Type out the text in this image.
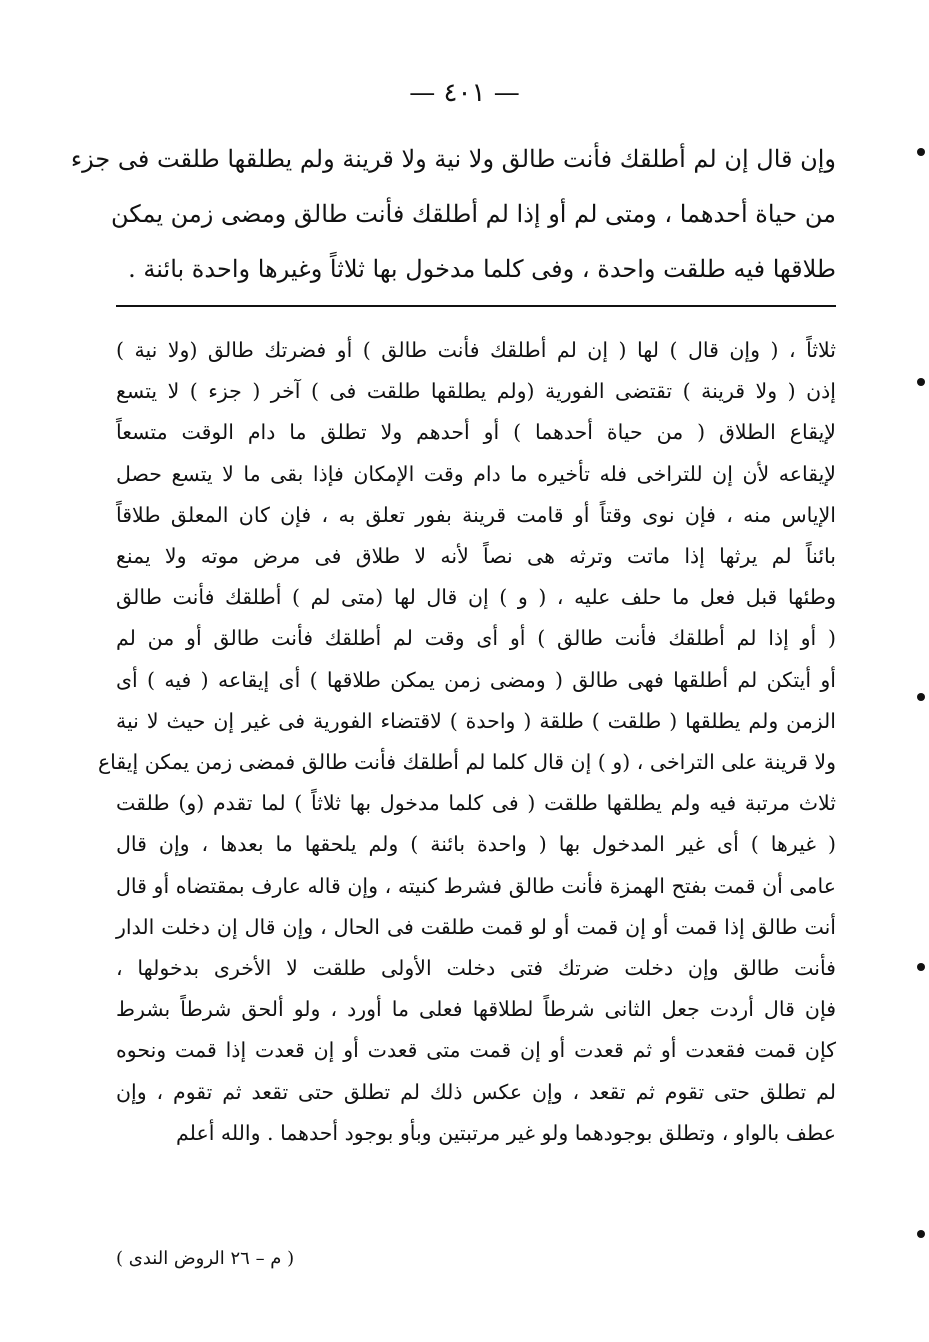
— ٤٠١ —
وإن قال إن لم أطلقك فأنت طالق ولا نية ولا قرينة ولم يطلقها طلقت فى جزء
من حياة أحدهما ، ومتى لم أو إذا لم أطلقك فأنت طالق ومضى زمن يمكن
طلاقها فيه طلقت واحدة ، وفى كلما مدخول بها ثلاثاً وغيرها واحدة بائنة .
ثلاثاً ، ( وإن قال ) لها ( إن لم أطلقك فأنت طالق ) أو فضرتك طالق (ولا نية )
إذن ( ولا قرينة ) تقتضى الفورية (ولم يطلقها طلقت فى ) آخر ( جزء ) لا يتسع
لإيقاع الطلاق ( من حياة أحدهما ) أو أحدهم ولا تطلق ما دام الوقت متسعاً
لإيقاعه لأن إن للتراخى فله تأخيره ما دام وقت الإمكان فإذا بقى ما لا يتسع حصل
الإياس منه ، فإن نوى وقتاً أو قامت قرينة بفور تعلق به ، فإن كان المعلق طلاقاً
بائناً لم يرثها إذا ماتت وترثه هى نصاً لأنه لا طلاق فى مرض موته ولا يمنع
وطئها قبل فعل ما حلف عليه ، ( و ) إن قال لها (متى لم ) أطلقك فأنت طالق
( أو إذا لم أطلقك فأنت طالق ) أو أى وقت لم أطلقك فأنت طالق أو من لم
أو أيتكن لم أطلقها فهى طالق ( ومضى زمن يمكن طلاقها ) أى إيقاعه ( فيه ) أى
الزمن ولم يطلقها ( طلقت ) طلقة ( واحدة ) لاقتضاء الفورية فى غير إن حيث لا نية
ولا قرينة على التراخى ، (و ) إن قال كلما لم أطلقك فأنت طالق فمضى زمن يمكن إيقاع
ثلاث مرتبة فيه ولم يطلقها طلقت ( فى كلما مدخول بها ثلاثاً ) لما تقدم (و) طلقت
( غيرها ) أى غير المدخول بها ( واحدة بائنة ) ولم يلحقها ما بعدها ، وإن قال
عامى أن قمت بفتح الهمزة فأنت طالق فشرط كنيته ، وإن قاله عارف بمقتضاه أو قال
أنت طالق إذا قمت أو إن قمت أو لو قمت طلقت فى الحال ، وإن قال إن دخلت الدار
فأنت طالق وإن دخلت ضرتك فتى دخلت الأولى طلقت لا الأخرى بدخولها ،
فإن قال أردت جعل الثانى شرطاً لطلاقها فعلى ما أورد ، ولو ألحق شرطاً بشرط
كإن قمت فقعدت أو ثم قعدت أو إن قمت متى قعدت أو إن قعدت إذا قمت ونحوه
لم تطلق حتى تقوم ثم تقعد ، وإن عكس ذلك لم تطلق حتى تقعد ثم تقوم ، وإن
عطف بالواو ، وتطلق بوجودهما ولو غير مرتبتين وبأو بوجود أحدهما . والله أعلم
( م – ٢٦ الروض الندى )
